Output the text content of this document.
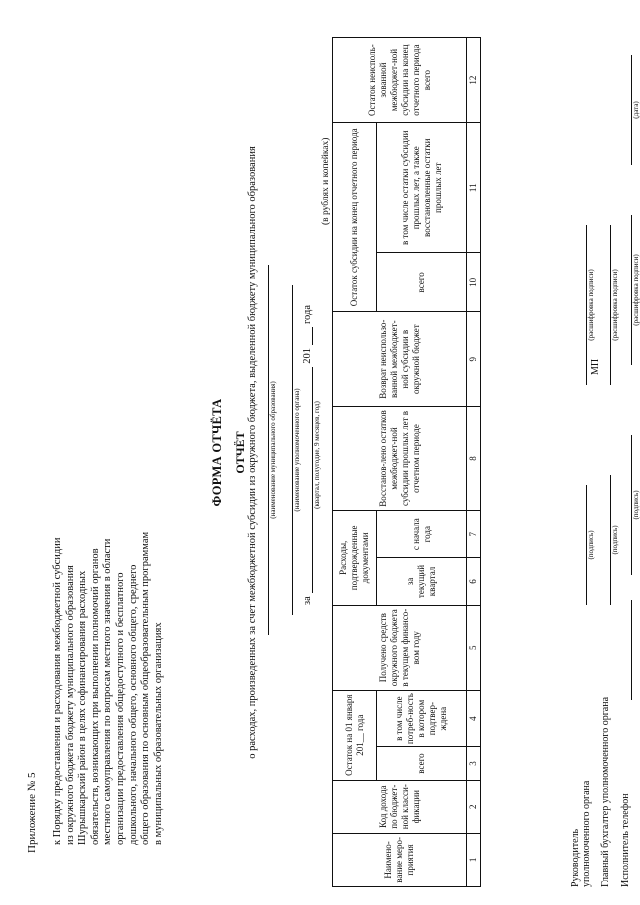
Приложение № 5 к Порядку предоставления и расходования межбюджетной субсидии из окружного бюджета бюджету муниципального образования Шурышкарский район в целях софинансирования расходных обязательств, возникающих при выполнении полномочий органов местного самоуправления по вопросам местного значения в области организации предоставления общедоступного и бесплатного дошкольного, начального общего, основного общего, среднего общего образования по основным общеобразовательным программам в муниципальных образовательных организациях
ФОРМА ОТЧЁТА ОТЧЁТ о расходах, произведенных за счет межбюджетной субсидии из окружного бюджета, выделенной бюджету муниципального образования (наименование муниципального образования) (наименование уполномоченного органа)
за
201
года
(квартал, полугодие, 9 месяцев, год)
(в рублях и копейках)
Наимено-вание меро-приятия	Код дохода по бюджет-ной класси-фикации	Остаток на 01 января 201__ года		Получено средств окружного бюджета в текущем финансо-вом году	Расходы, подтвержденные документами		Восстанов-лено остатков межбюджет-ной субсидии прошлых лет в отчетном периоде	Возврат неиспользо-ванной межбюджет-ной субсидии в окружной бюджет	Остаток субсидии на конец отчетного периода		Остаток неисполь-зованной межбюджет-ной субсидии на конец отчетного периода всего
		всего	в том числе потреб-ность в котором подтвер-ждена		за текущий квартал	с начала года			всего	в том числе остатки субсидии прошлых лет, а также восстановленные остатки прошлых лет	
1	2	3	4	5	6	7	8	9	10	11	12
Руководитель уполномоченного органа
(подпись)
(расшифровка подписи)
МП
Главный бухгалтер уполномоченного органа
(подпись)
(расшифровка подписи)
Исполнитель телефон
(подпись)
(расшифровка подписи)
(дата)
